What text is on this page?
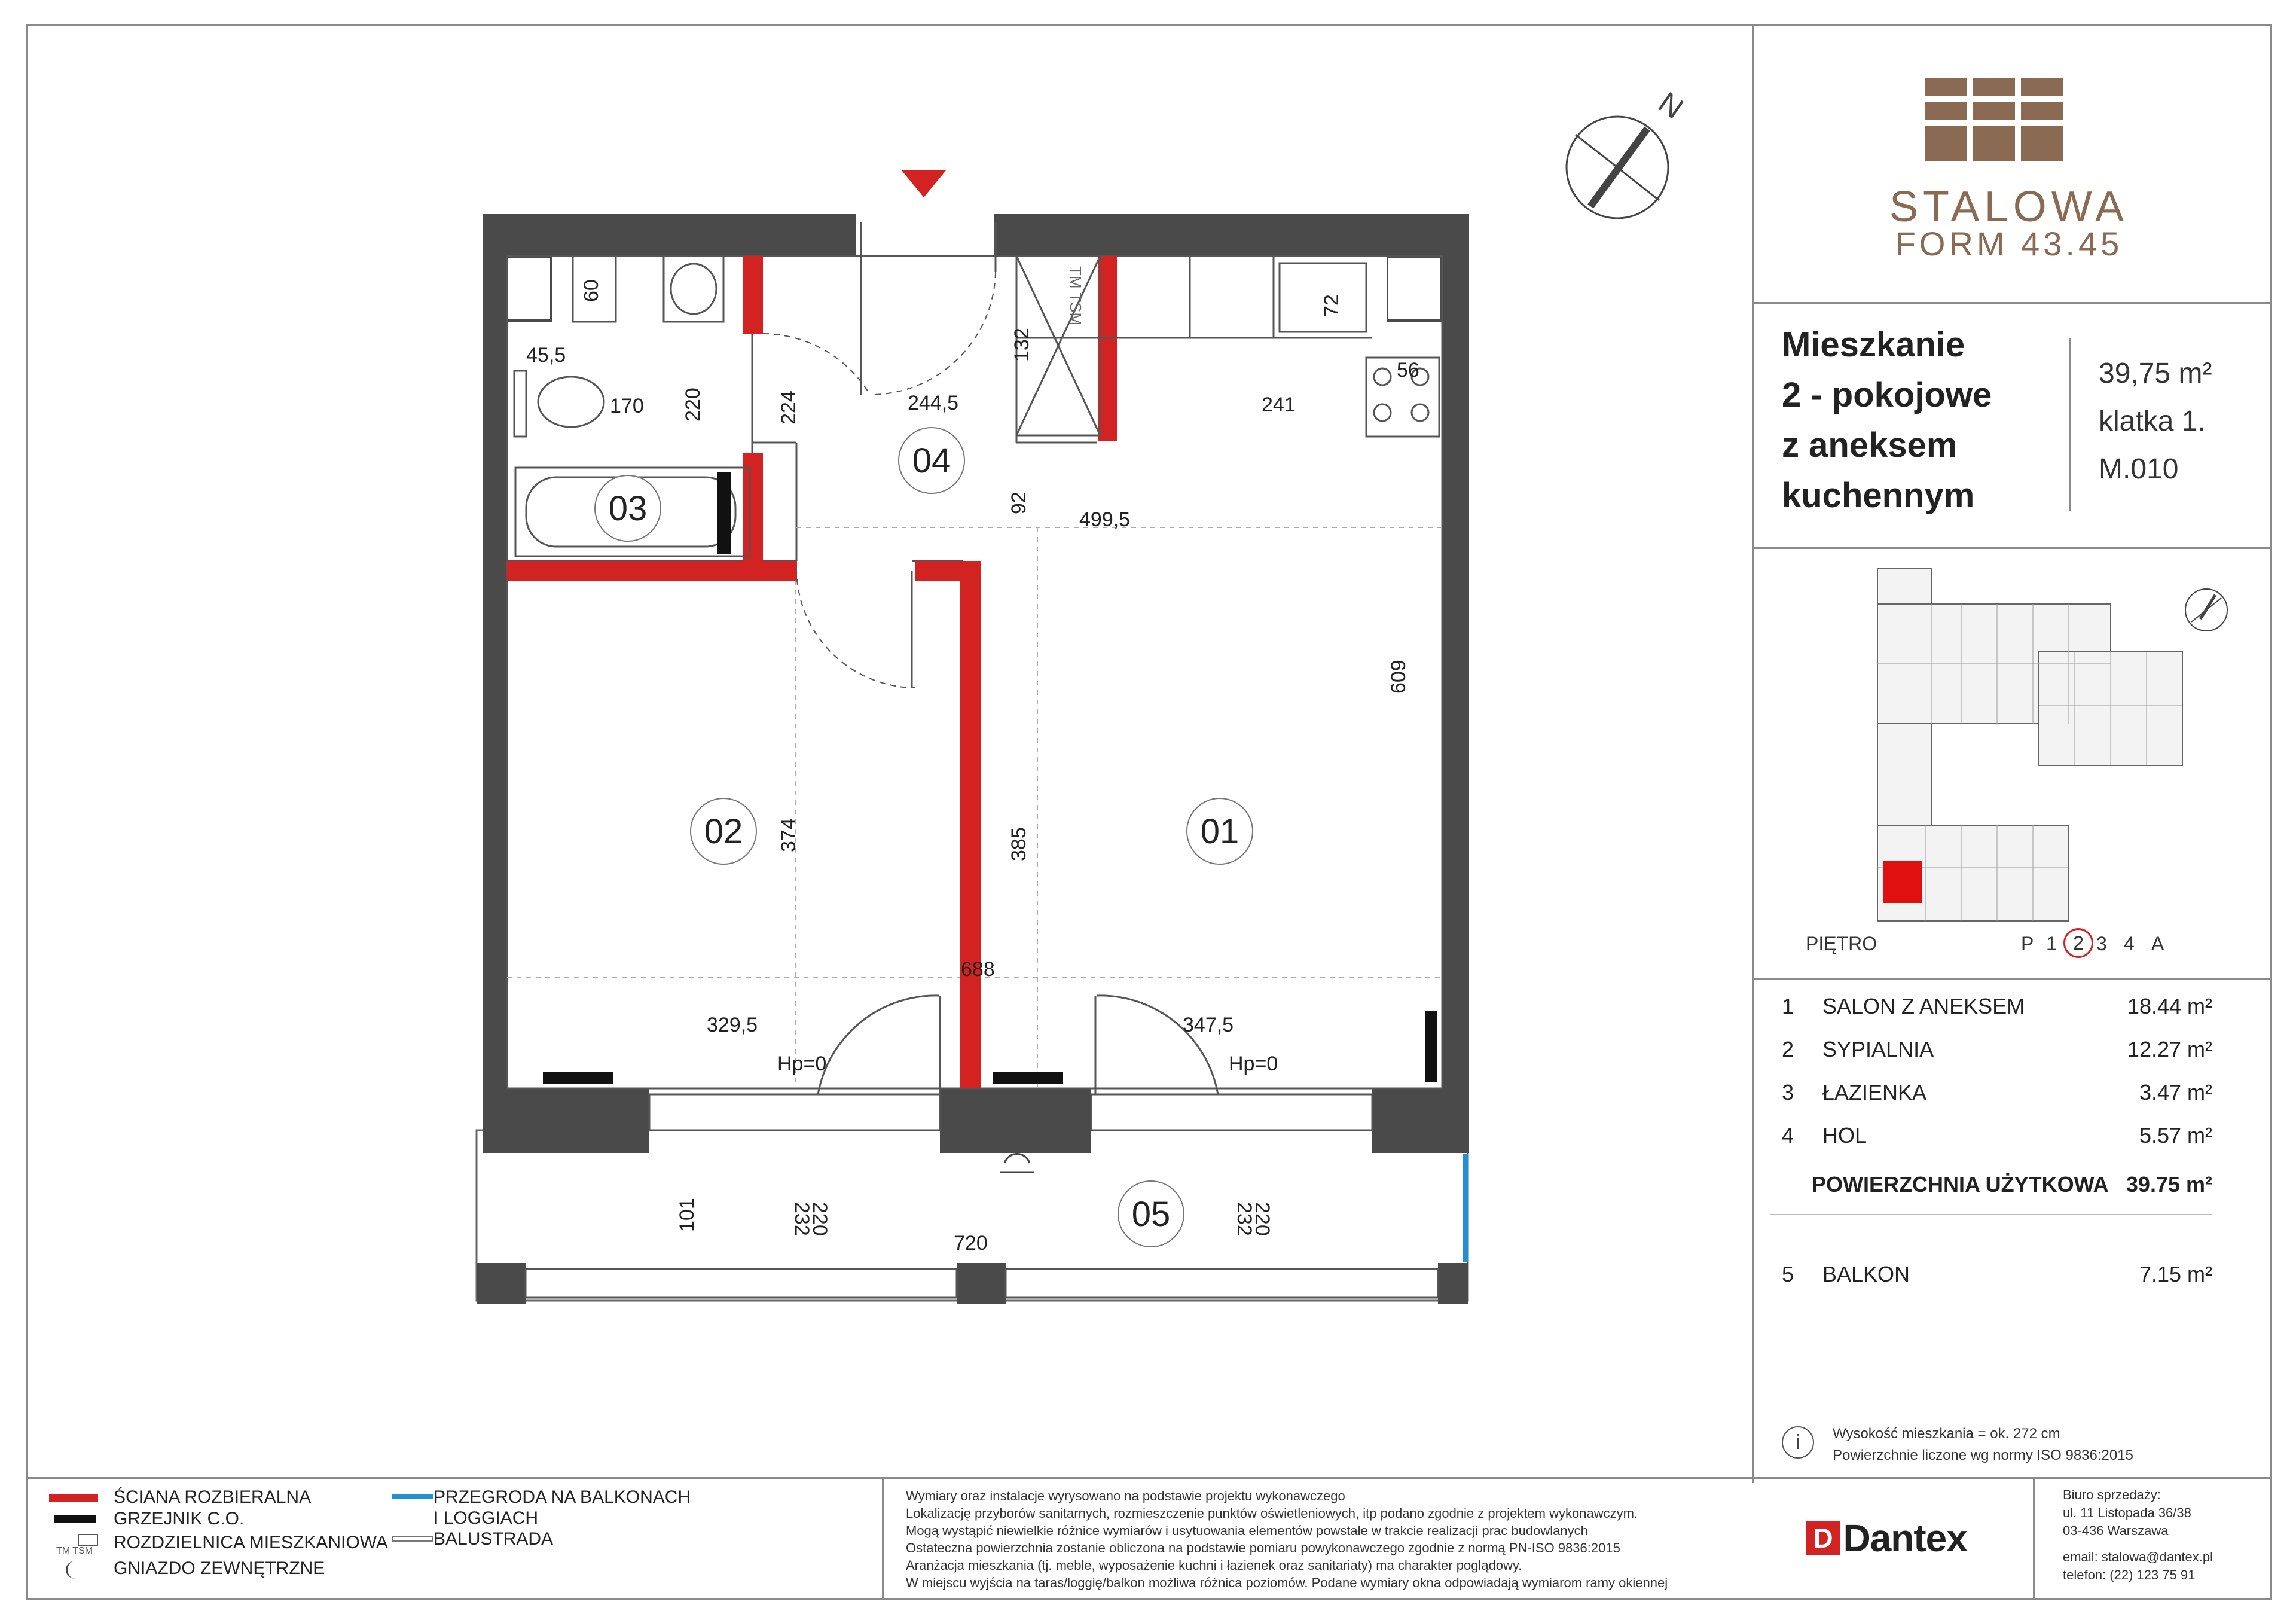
TM TSM
N
04
03
02	01
05
60
45,5
170 220	224	244,5
132
72
56
241
92
499,5
609
374	385
688
329,5	347,5
Hp=0	Hp=0
232
220	232
220
101
720
STALOWA
FORM 43.45
Mieszkanie
2 - pokojowe
z aneksem
kuchennym
39,75 m²
klatka 1.
M.010
PIĘTRO	P 1 2 3 4 A
1 SALON Z ANEKSEM	18.44 m²
2 SYPIALNIA	12.27 m²
3 ŁAZIENKA	3.47 m²
4 HOL	5.57 m²
POWIERZCHNIA UŻYTKOWA 39.75 m²
5 BALKON	7.15 m²
i	Wysokość mieszkania = ok. 272 cm
Powierzchnie liczone wg normy ISO 9836:2015
ŚCIANA ROZBIERALNA
GRZEJNIK C.O.
TM TSM ROZDZIELNICA MIESZKANIOWA
GNIAZDO ZEWNĘTRZNE
PRZEGRODA NA BALKONACH
I LOGGIACH
BALUSTRADA
Wymiary oraz instalacje wyrysowano na podstawie projektu wykonawczego
Lokalizację przyborów sanitarnych, rozmieszczenie punktów oświetleniowych, itp podano zgodnie z projektem wykonawczym.
Mogą wystąpić niewielkie różnice wymiarów i usytuowania elementów powstałe w trakcie realizacji prac budowlanych
Ostateczna powierzchnia zostanie obliczona na podstawie pomiaru powykonawczego zgodnie z normą PN-ISO 9836:2015
Aranżacja mieszkania (tj. meble, wyposażenie kuchni i łazienek oraz sanitariaty) ma charakter poglądowy.
W miejscu wyjścia na taras/loggię/balkon możliwa różnica poziomów. Podane wymiary okna odpowiadają wymiarom ramy okiennej
D Dantex
Biuro sprzedaży:
ul. 11 Listopada 36/38
03-436 Warszawa
email: stalowa@dantex.pl
telefon: (22) 123 75 91
